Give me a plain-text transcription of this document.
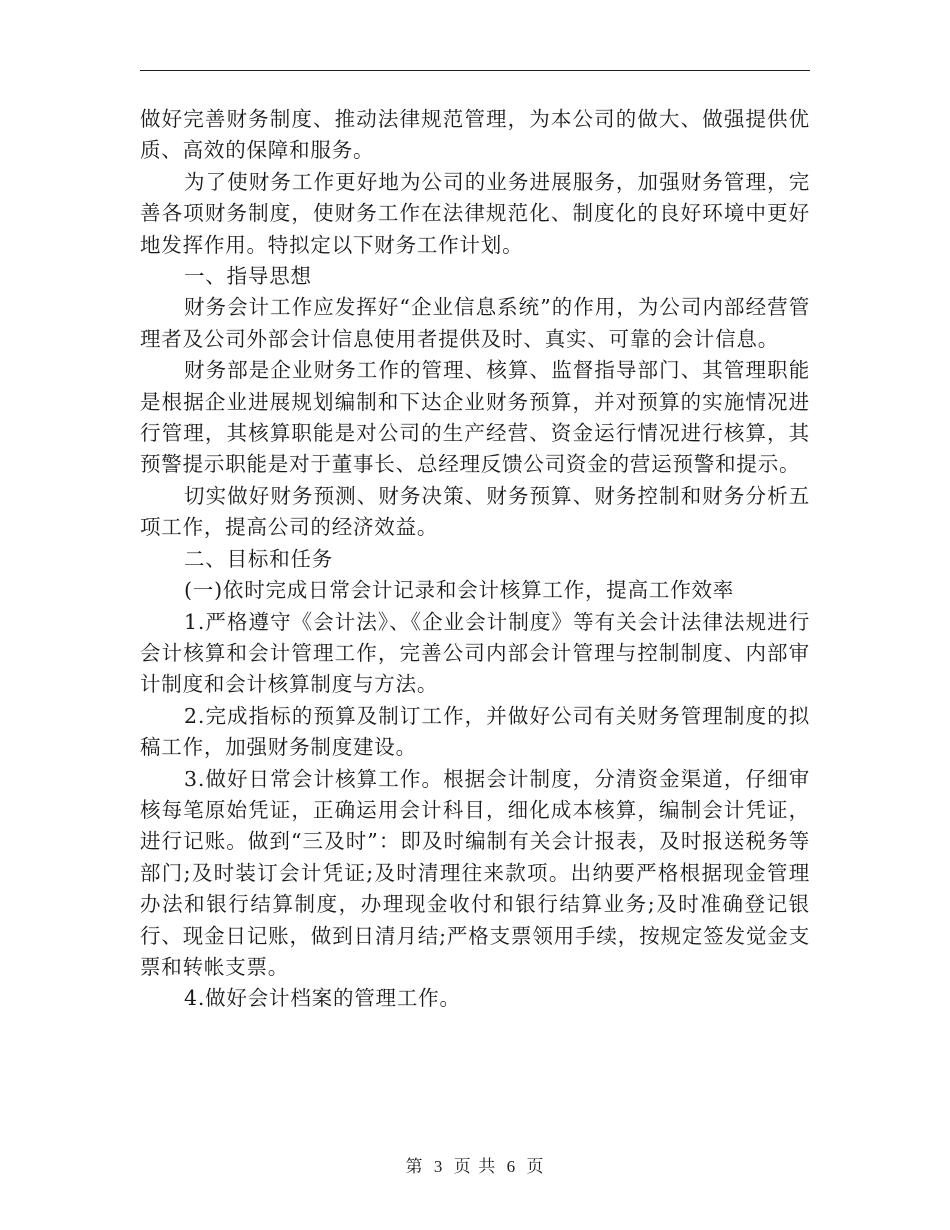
做好完善财务制度、推动法律规范管理，为本公司的做大、做强提供优质、高效的保障和服务。

为了使财务工作更好地为公司的业务进展服务，加强财务管理，完善各项财务制度，使财务工作在法律规范化、制度化的良好环境中更好地发挥作用。特拟定以下财务工作计划。

一、指导思想

财务会计工作应发挥好“企业信息系统”的作用，为公司内部经营管理者及公司外部会计信息使用者提供及时、真实、可靠的会计信息。

财务部是企业财务工作的管理、核算、监督指导部门、其管理职能是根据企业进展规划编制和下达企业财务预算，并对预算的实施情况进行管理，其核算职能是对公司的生产经营、资金运行情况进行核算，其预警提示职能是对于董事长、总经理反馈公司资金的营运预警和提示。

切实做好财务预测、财务决策、财务预算、财务控制和财务分析五项工作，提高公司的经济效益。

二、目标和任务

(一)依时完成日常会计记录和会计核算工作，提高工作效率

1.严格遵守《会计法》、《企业会计制度》等有关会计法律法规进行会计核算和会计管理工作，完善公司内部会计管理与控制制度、内部审计制度和会计核算制度与方法。

2.完成指标的预算及制订工作，并做好公司有关财务管理制度的拟稿工作，加强财务制度建设。

3.做好日常会计核算工作。根据会计制度，分清资金渠道，仔细审核每笔原始凭证，正确运用会计科目，细化成本核算，编制会计凭证，进行记账。做到“三及时”：即及时编制有关会计报表，及时报送税务等部门;及时装订会计凭证;及时清理往来款项。出纳要严格根据现金管理办法和银行结算制度，办理现金收付和银行结算业务;及时准确登记银行、现金日记账，做到日清月结;严格支票领用手续，按规定签发觉金支票和转帐支票。

4.做好会计档案的管理工作。

第 3 页 共 6 页
